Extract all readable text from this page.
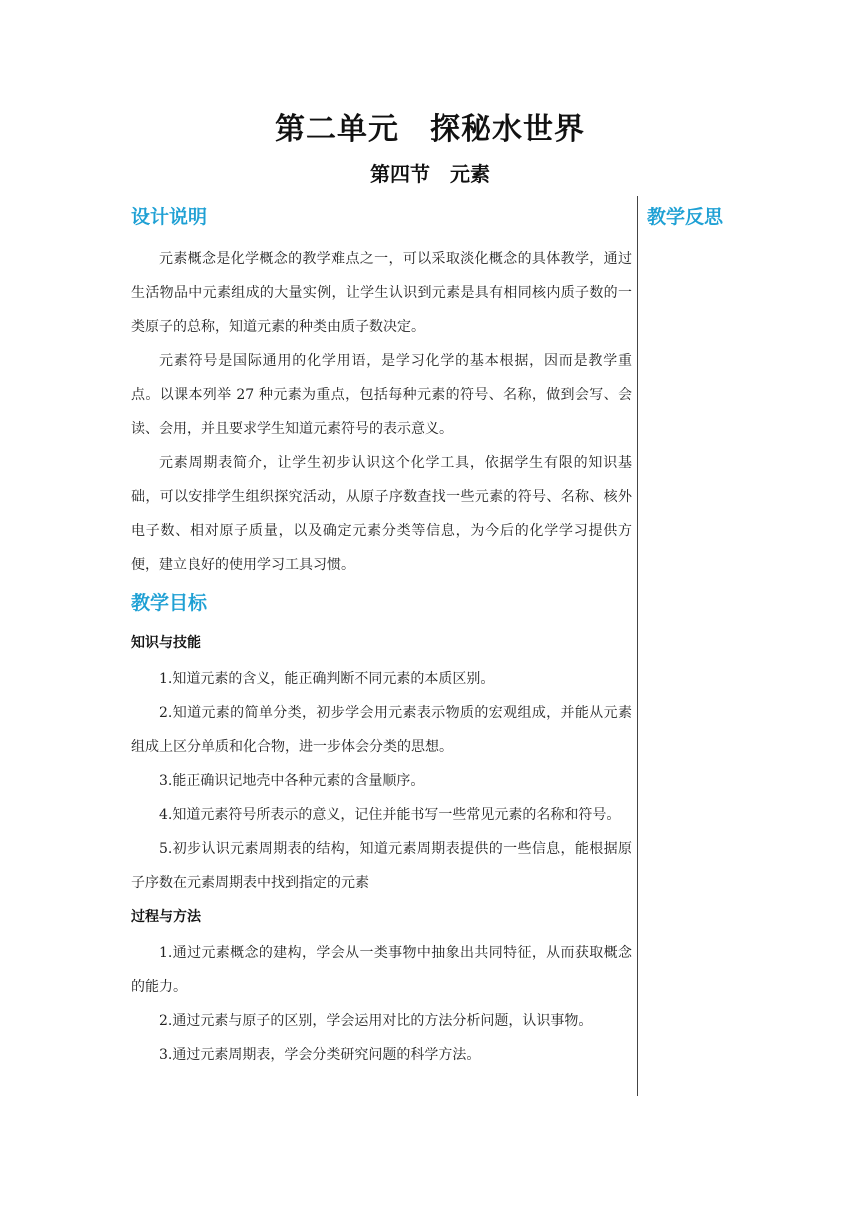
第二单元　探秘水世界
第四节　元素
教学反思
设计说明

元素概念是化学概念的教学难点之一，可以采取淡化概念的具体教学，通过生活物品中元素组成的大量实例，让学生认识到元素是具有相同核内质子数的一类原子的总称，知道元素的种类由质子数决定。

元素符号是国际通用的化学用语，是学习化学的基本根据，因而是教学重点。以课本列举 27 种元素为重点，包括每种元素的符号、名称，做到会写、会读、会用，并且要求学生知道元素符号的表示意义。

元素周期表简介，让学生初步认识这个化学工具，依据学生有限的知识基础，可以安排学生组织探究活动，从原子序数查找一些元素的符号、名称、核外电子数、相对原子质量，以及确定元素分类等信息，为今后的化学学习提供方便，建立良好的使用学习工具习惯。

教学目标
知识与技能

1.知道元素的含义，能正确判断不同元素的本质区别。

2.知道元素的简单分类，初步学会用元素表示物质的宏观组成，并能从元素组成上区分单质和化合物，进一步体会分类的思想。

3.能正确识记地壳中各种元素的含量顺序。

4.知道元素符号所表示的意义，记住并能书写一些常见元素的名称和符号。

5.初步认识元素周期表的结构，知道元素周期表提供的一些信息，能根据原子序数在元素周期表中找到指定的元素

过程与方法

1.通过元素概念的建构，学会从一类事物中抽象出共同特征，从而获取概念的能力。

2.通过元素与原子的区别，学会运用对比的方法分析问题，认识事物。

3.通过元素周期表，学会分类研究问题的科学方法。
